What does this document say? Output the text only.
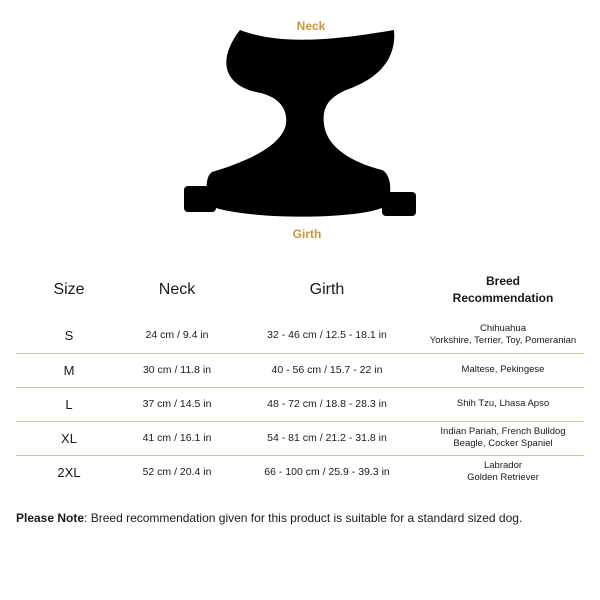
Neck
Girth
Size	Neck	Girth	Breed
Recommendation

S	24 cm / 9.4 in	32 - 46 cm / 12.5 - 18.1 in	Chihuahua
Yorkshire, Terrier, Toy, Pomeranian

M	30 cm / 11.8 in	40 - 56 cm / 15.7 - 22 in	Maltese, Pekingese

L	37 cm / 14.5 in	48 - 72 cm / 18.8 - 28.3 in	Shih Tzu, Lhasa Apso

XL	41 cm / 16.1 in	54 - 81 cm / 21.2 - 31.8 in	Indian Pariah, French Bulldog
Beagle, Cocker Spaniel

2XL	52 cm / 20.4 in	66 - 100 cm / 25.9 - 39.3 in	Labrador
Golden Retriever

Please Note: Breed recommendation given for this product is suitable for a standard sized dog.
